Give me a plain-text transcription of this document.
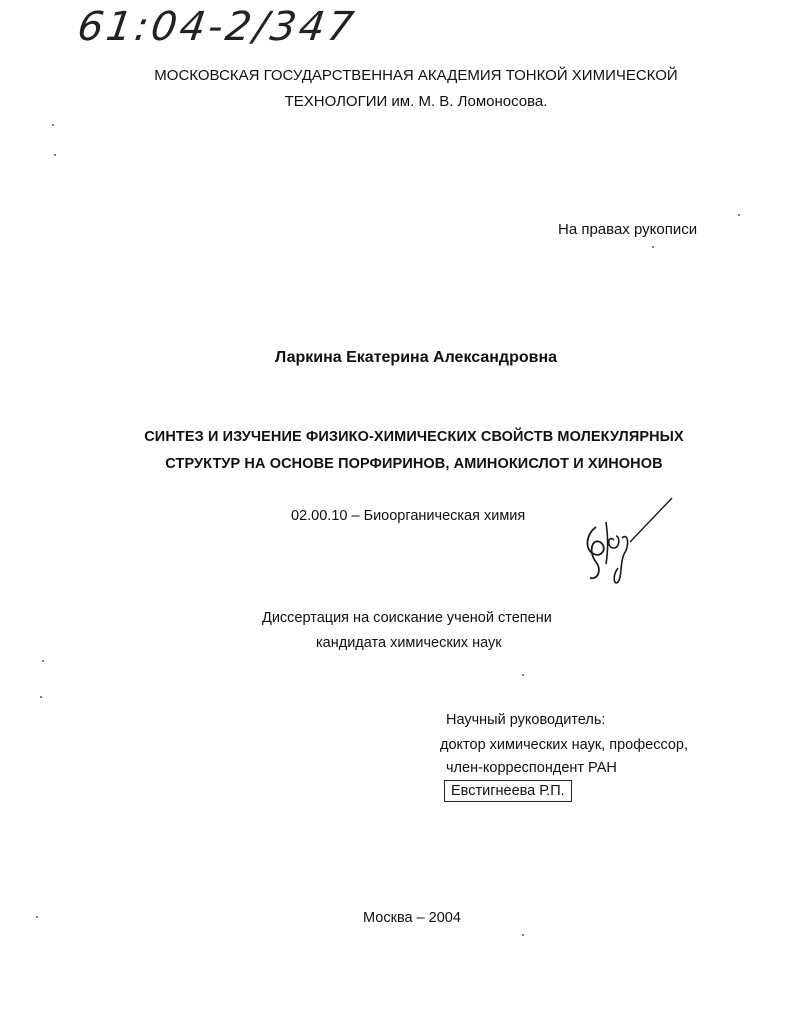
61:04-2/347
МОСКОВСКАЯ ГОСУДАРСТВЕННАЯ АКАДЕМИЯ ТОНКОЙ ХИМИЧЕСКОЙ
ТЕХНОЛОГИИ им. М. В. Ломоносова.
На правах рукописи
Ларкина Екатерина Александровна
СИНТЕЗ И ИЗУЧЕНИЕ ФИЗИКО-ХИМИЧЕСКИХ СВОЙСТВ МОЛЕКУЛЯРНЫХ
СТРУКТУР НА ОСНОВЕ ПОРФИРИНОВ, АМИНОКИСЛОТ И ХИНОНОВ
02.00.10 – Биоорганическая химия
Диссертация на соискание ученой степени
кандидата химических наук
Научный руководитель:
доктор химических наук, профессор,
член-корреспондент РАН
Евстигнеева Р.П.
Москва – 2004
